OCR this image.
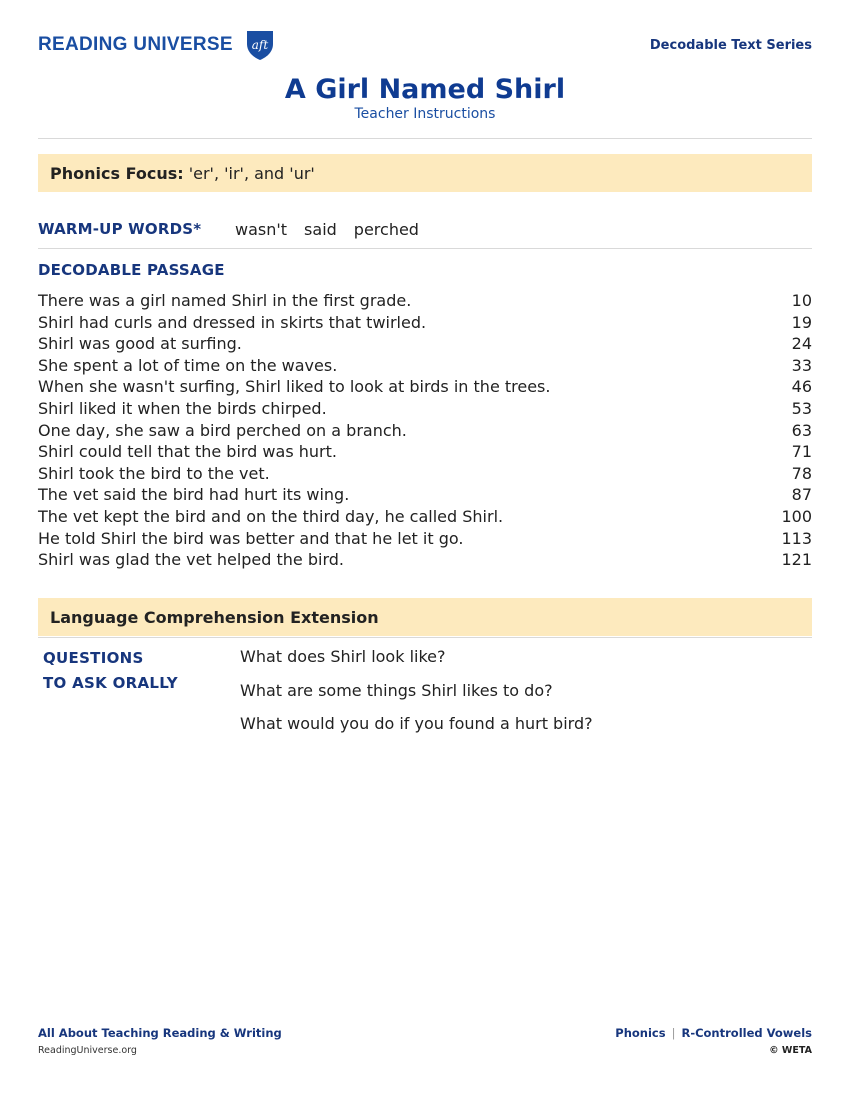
READING UNIVERSE aft	Decodable Text Series
A Girl Named Shirl
Teacher Instructions
Phonics Focus: 'er', 'ir', and 'ur'
WARM-UP WORDS* wasn't said perched
DECODABLE PASSAGE
There was a girl named Shirl in the first grade.	10
Shirl had curls and dressed in skirts that twirled.	19
Shirl was good at surfing.	24
She spent a lot of time on the waves.	33
When she wasn't surfing, Shirl liked to look at birds in the trees.	46
Shirl liked it when the birds chirped.	53
One day, she saw a bird perched on a branch.	63
Shirl could tell that the bird was hurt.	71
Shirl took the bird to the vet.	78
The vet said the bird had hurt its wing.	87
The vet kept the bird and on the third day, he called Shirl.	100
He told Shirl the bird was better and that he let it go.	113
Shirl was glad the vet helped the bird.	121
Language Comprehension Extension
QUESTIONS
TO ASK ORALLY
What does Shirl look like?
What are some things Shirl likes to do?
What would you do if you found a hurt bird?
All About Teaching Reading & Writing
ReadingUniverse.org
Phonics | R-Controlled Vowels
© WETA
